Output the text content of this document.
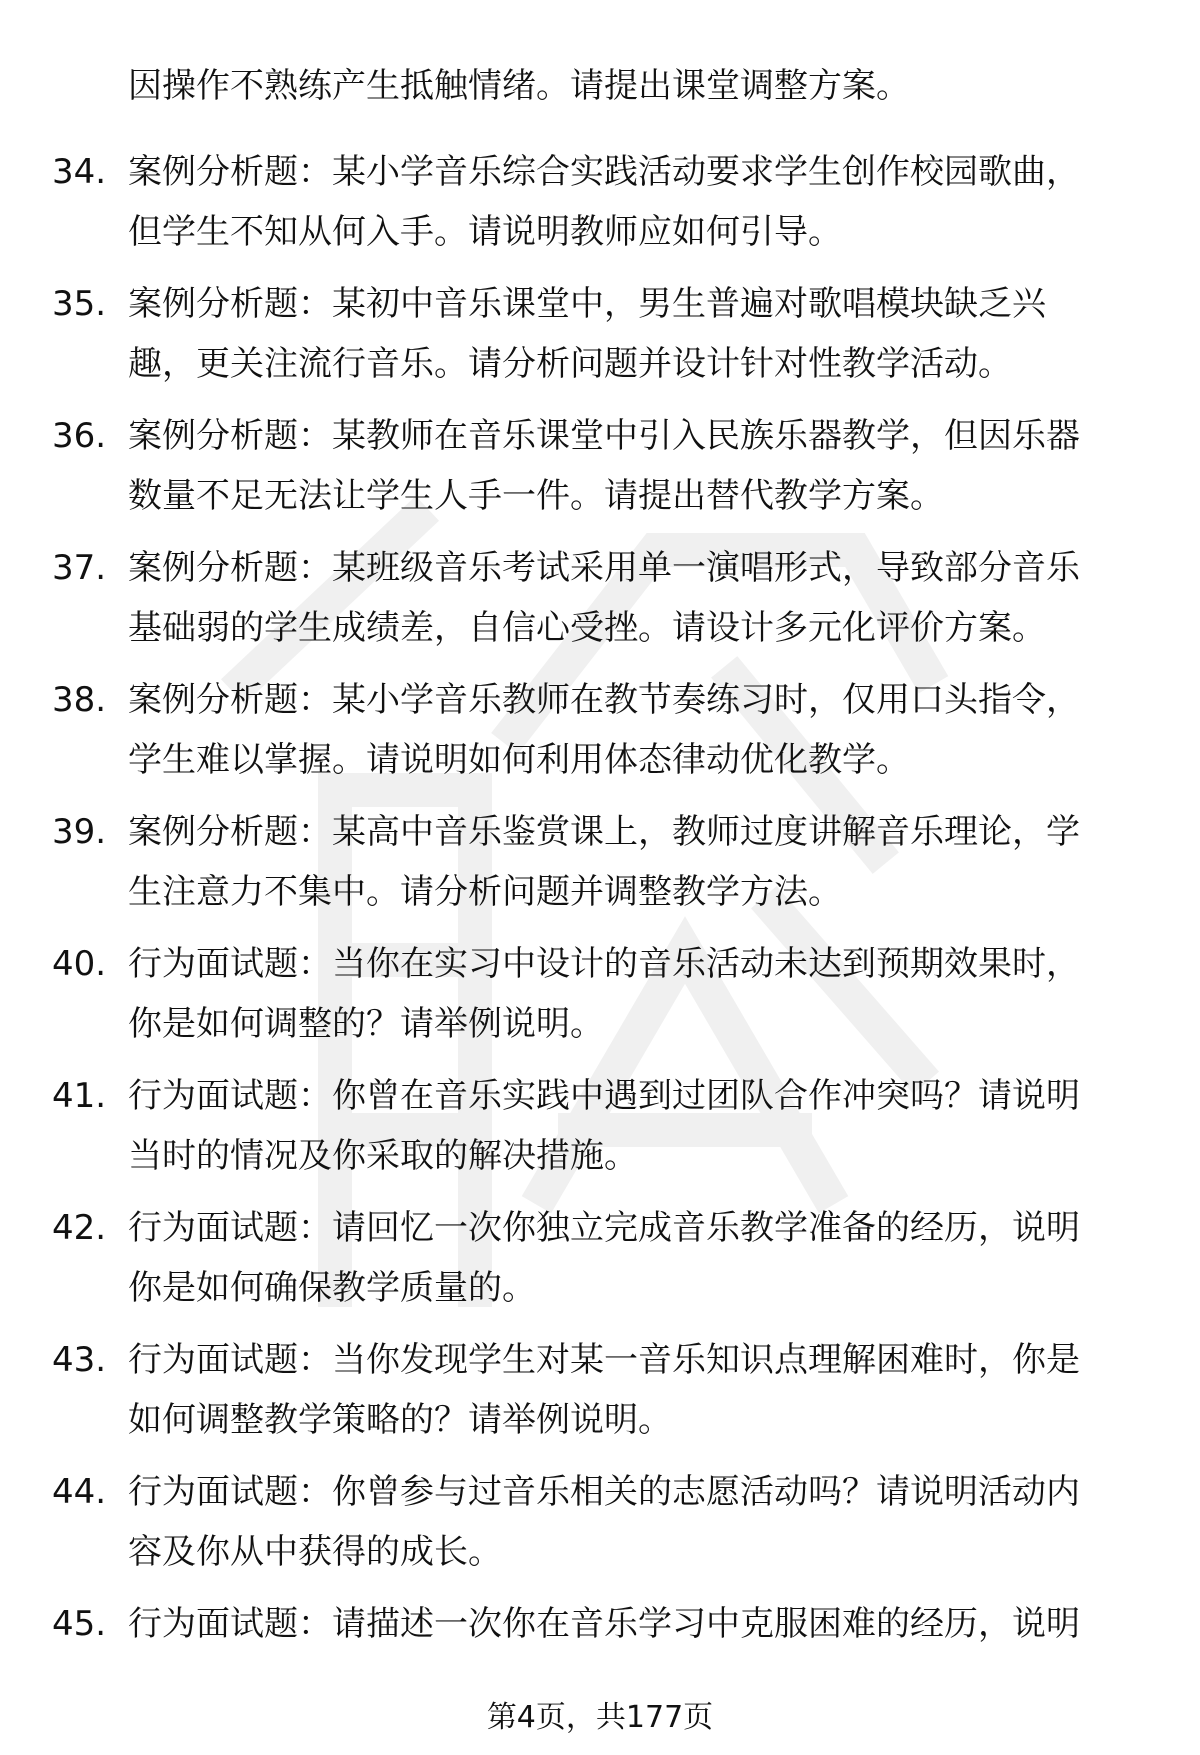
因操作不熟练产生抵触情绪。请提出课堂调整方案。
34. 案例分析题：某小学音乐综合实践活动要求学生创作校园歌曲，
但学生不知从何入手。请说明教师应如何引导。
35. 案例分析题：某初中音乐课堂中，男生普遍对歌唱模块缺乏兴
趣，更关注流行音乐。请分析问题并设计针对性教学活动。
36. 案例分析题：某教师在音乐课堂中引入民族乐器教学，但因乐器
数量不足无法让学生人手一件。请提出替代教学方案。
37. 案例分析题：某班级音乐考试采用单一演唱形式，导致部分音乐
基础弱的学生成绩差，自信心受挫。请设计多元化评价方案。
38. 案例分析题：某小学音乐教师在教节奏练习时，仅用口头指令，
学生难以掌握。请说明如何利用体态律动优化教学。
39. 案例分析题：某高中音乐鉴赏课上，教师过度讲解音乐理论，学
生注意力不集中。请分析问题并调整教学方法。
40. 行为面试题：当你在实习中设计的音乐活动未达到预期效果时，
你是如何调整的？请举例说明。
41. 行为面试题：你曾在音乐实践中遇到过团队合作冲突吗？请说明
当时的情况及你采取的解决措施。
42. 行为面试题：请回忆一次你独立完成音乐教学准备的经历，说明
你是如何确保教学质量的。
43. 行为面试题：当你发现学生对某一音乐知识点理解困难时，你是
如何调整教学策略的？请举例说明。
44. 行为面试题：你曾参与过音乐相关的志愿活动吗？请说明活动内
容及你从中获得的成长。
45. 行为面试题：请描述一次你在音乐学习中克服困难的经历，说明
第4页，共177页
